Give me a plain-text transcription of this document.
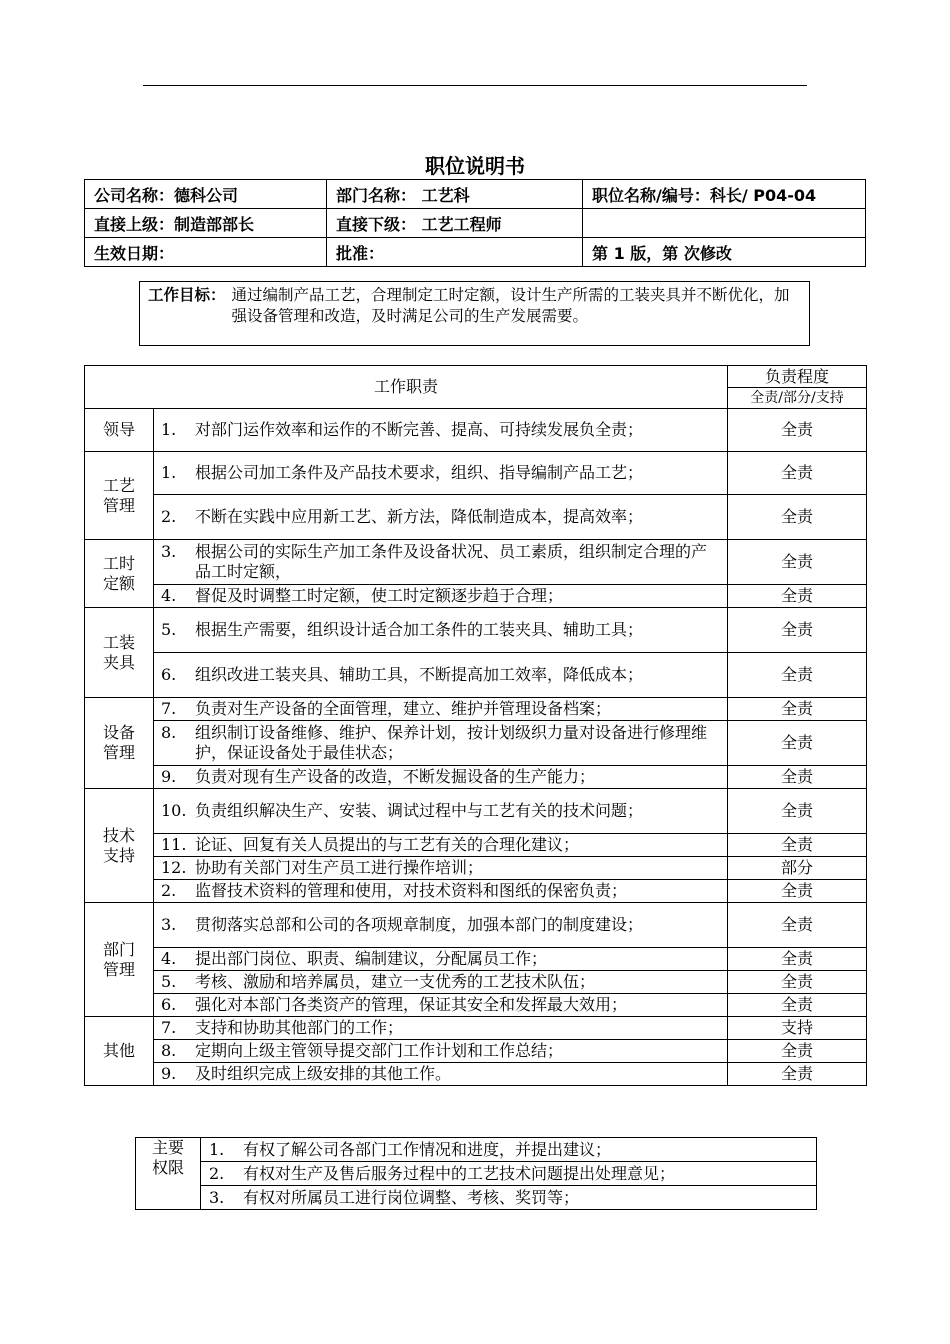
职位说明书
公司名称：德科公司	部门名称： 工艺科	职位名称/编号：科长/ P04-04
直接上级：制造部部长	直接下级： 工艺工程师	
生效日期：	批准：	第 1 版，第 次修改
工作目标： 通过编制产品工艺，合理制定工时定额，设计生产所需的工装夹具并不断优化，加强设备管理和改造，及时满足公司的生产发展需要。
工作职责		负责程度
		全责/部分/支持
领导	1. 对部门运作效率和运作的不断完善、提高、可持续发展负全责；	全责
工艺
管理	1. 根据公司加工条件及产品技术要求，组织、指导编制产品工艺；	全责

	2. 不断在实践中应用新工艺、新方法，降低制造成本，提高效率；	全责
工时
定额	3. 根据公司的实际生产加工条件及设备状况、员工素质，组织制定合理的产品工时定额，	全责

	4. 督促及时调整工时定额，使工时定额逐步趋于合理；	全责
工装
夹具	5. 根据生产需要，组织设计适合加工条件的工装夹具、辅助工具；	全责

	6. 组织改进工装夹具、辅助工具，不断提高加工效率，降低成本；	全责
设备
管理	7. 负责对生产设备的全面管理，建立、维护并管理设备档案；	全责

	8. 组织制订设备维修、维护、保养计划，按计划级织力量对设备进行修理维护，保证设备处于最佳状态；	全责

	9. 负责对现有生产设备的改造，不断发掘设备的生产能力；	全责
技术
支持	10. 负责组织解决生产、安装、调试过程中与工艺有关的技术问题；	全责

	11. 论证、回复有关人员提出的与工艺有关的合理化建议；	全责

	12. 协助有关部门对生产员工进行操作培训；	部分

	2. 监督技术资料的管理和使用，对技术资料和图纸的保密负责；	全责
部门
管理	3. 贯彻落实总部和公司的各项规章制度，加强本部门的制度建设；	全责

	4. 提出部门岗位、职责、编制建议，分配属员工作；	全责

	5. 考核、激励和培养属员，建立一支优秀的工艺技术队伍；	全责

	6. 强化对本部门各类资产的管理，保证其安全和发挥最大效用；	全责
其他	7. 支持和协助其他部门的工作；	支持

	8. 定期向上级主管领导提交部门工作计划和工作总结；	全责

	9. 及时组织完成上级安排的其他工作。	全责
主要
权限	
1.	有权了解公司各部门工作情况和进度，并提出建议；

2.	有权对生产及售后服务过程中的工艺技术问题提出处理意见；

3.	有权对所属员工进行岗位调整、考核、奖罚等；
